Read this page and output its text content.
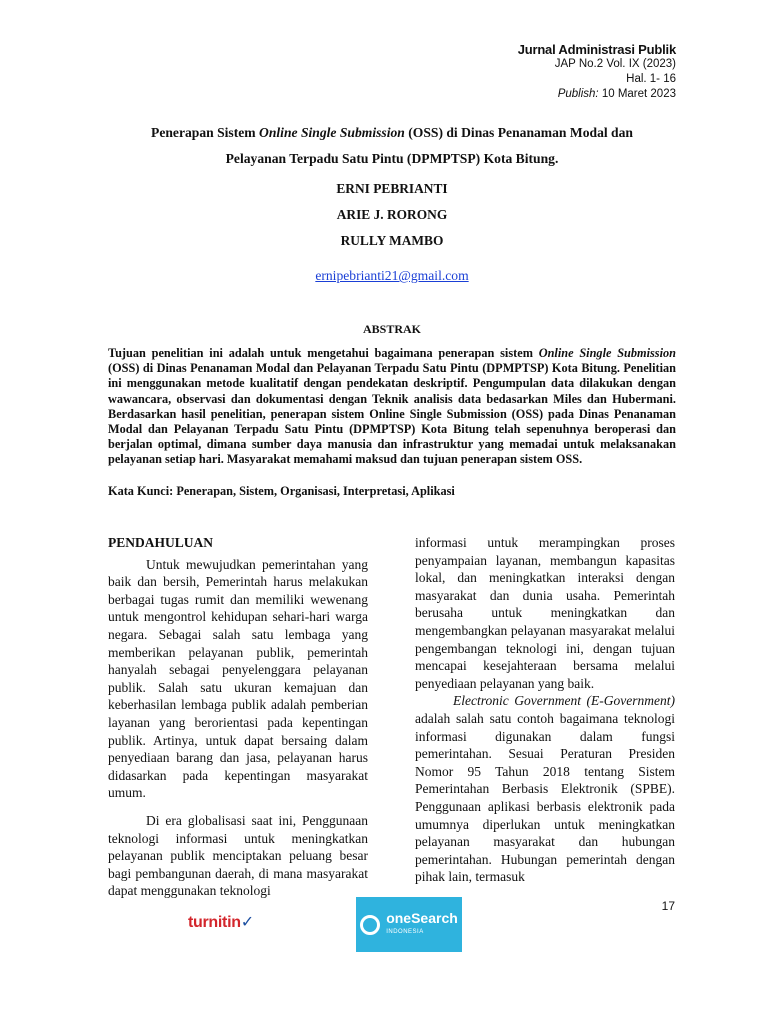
Jurnal Administrasi Publik
JAP No.2 Vol. IX (2023)
Hal. 1- 16
Publish: 10 Maret 2023
Penerapan Sistem Online Single Submission (OSS) di Dinas Penanaman Modal dan
Pelayanan Terpadu Satu Pintu (DPMPTSP) Kota Bitung.
ERNI PEBRIANTI
ARIE J. RORONG
RULLY MAMBO
ernipebrianti21@gmail.com
ABSTRAK

Tujuan penelitian ini adalah untuk mengetahui bagaimana penerapan sistem Online Single Submission (OSS) di Dinas Penanaman Modal dan Pelayanan Terpadu Satu Pintu (DPMPTSP) Kota Bitung. Penelitian ini menggunakan metode kualitatif dengan pendekatan deskriptif. Pengumpulan data dilakukan dengan wawancara, observasi dan dokumentasi dengan Teknik analisis data bedasarkan Miles dan Hubermani. Berdasarkan hasil penelitian, penerapan sistem Online Single Submission (OSS) pada Dinas Penanaman Modal dan Pelayanan Terpadu Satu Pintu (DPMPTSP) Kota Bitung telah sepenuhnya beroperasi dan berjalan optimal, dimana sumber daya manusia dan infrastruktur yang memadai untuk melaksanakan pelayanan setiap hari. Masyarakat memahami maksud dan tujuan penerapan sistem OSS.

Kata Kunci: Penerapan, Sistem, Organisasi, Interpretasi, Aplikasi

PENDAHULUAN

Untuk mewujudkan pemerintahan yang baik dan bersih, Pemerintah harus melakukan berbagai tugas rumit dan memiliki wewenang untuk mengontrol kehidupan sehari-hari warga negara. Sebagai salah satu lembaga yang memberikan pelayanan publik, pemerintah hanyalah sebagai penyelenggara pelayanan publik. Salah satu ukuran kemajuan dan keberhasilan lembaga publik adalah pemberian layanan yang berorientasi pada kepentingan publik. Artinya, untuk dapat bersaing dalam penyediaan barang dan jasa, pelayanan harus didasarkan pada kepentingan masyarakat umum.

Di era globalisasi saat ini, Penggunaan teknologi informasi untuk meningkatkan pelayanan publik menciptakan peluang besar bagi pembangunan daerah, di mana masyarakat dapat menggunakan teknologi

informasi untuk merampingkan proses penyampaian layanan, membangun kapasitas lokal, dan meningkatkan interaksi dengan masyarakat dan dunia usaha. Pemerintah berusaha untuk meningkatkan dan mengembangkan pelayanan masyarakat melalui pengembangan teknologi ini, dengan tujuan mencapai kesejahteraan bersama melalui penyediaan pelayanan yang baik.

Electronic Government (E-Government) adalah salah satu contoh bagaimana teknologi informasi digunakan dalam fungsi pemerintahan. Sesuai Peraturan Presiden Nomor 95 Tahun 2018 tentang Sistem Pemerintahan Berbasis Elektronik (SPBE). Penggunaan aplikasi berbasis elektronik pada umumnya diperlukan untuk meningkatkan pelayanan masyarakat dan hubungan pemerintahan. Hubungan pemerintah dengan pihak lain, termasuk

17
turnitin✓	oneSearch
INDONESIA
